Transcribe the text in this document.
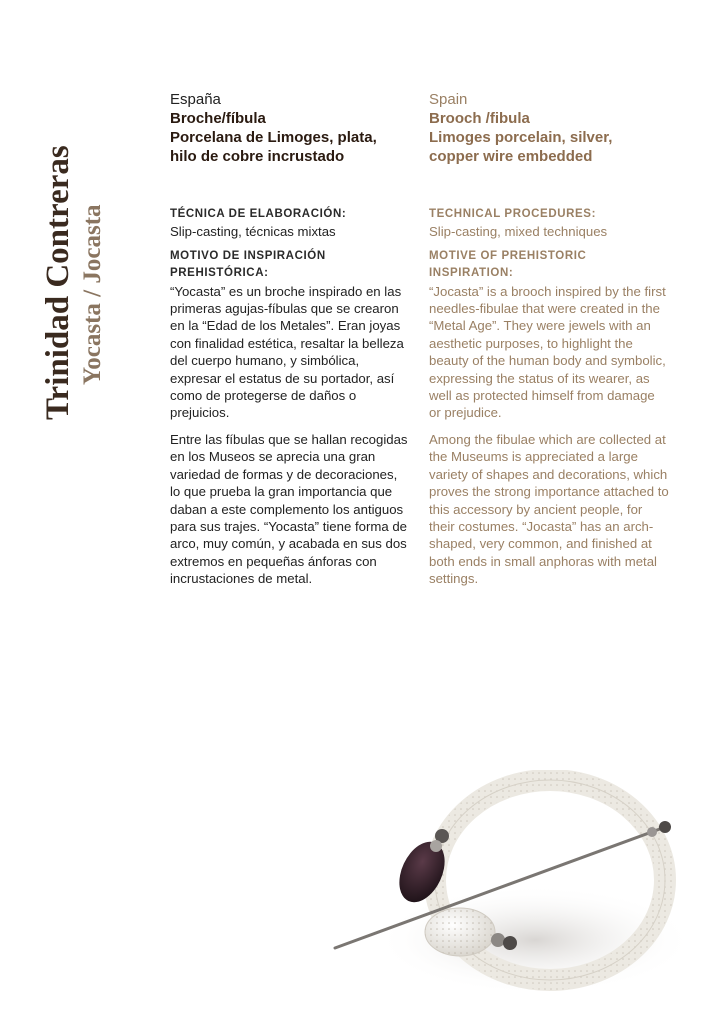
Trinidad Contreras Yocasta / Jocasta
España
Broche/fíbula
Porcelana de Limoges, plata,
hilo de cobre incrustado
TÉCNICA DE ELABORACIÓN:
Slip-casting, técnicas mixtas
MOTIVO DE INSPIRACIÓN
PREHISTÓRICA:

“Yocasta” es un broche inspirado en las primeras agujas-fíbulas que se crearon en la “Edad de los Metales”. Eran joyas con finalidad estética, resaltar la belleza del cuerpo humano, y simbólica, expresar el estatus de su portador, así como de protegerse de daños o prejuicios.

Entre las fíbulas que se hallan recogidas en los Museos se aprecia una gran variedad de formas y de decoraciones, lo que prueba la gran importancia que daban a este complemento los antiguos para sus trajes. “Yocasta” tiene forma de arco, muy común, y acabada en sus dos extremos en pequeñas ánforas con incrustaciones de metal.

Spain
Brooch /fibula
Limoges porcelain, silver,
copper wire embedded
TECHNICAL PROCEDURES:
Slip-casting, mixed techniques
MOTIVE OF PREHISTORIC
INSPIRATION:

“Jocasta” is a brooch inspired by the first needles-fibulae that were created in the “Metal Age”. They were jewels with an aesthetic purposes, to highlight the beauty of the human body and symbolic, expressing the status of its wearer, as well as protected himself from damage or prejudice.

Among the fibulae which are collected at the Museums is appreciated a large variety of shapes and decorations, which proves the strong importance attached to this accessory by ancient people, for their costumes. “Jocasta” has an arch-shaped, very common, and finished at both ends in small anphoras with metal settings.
